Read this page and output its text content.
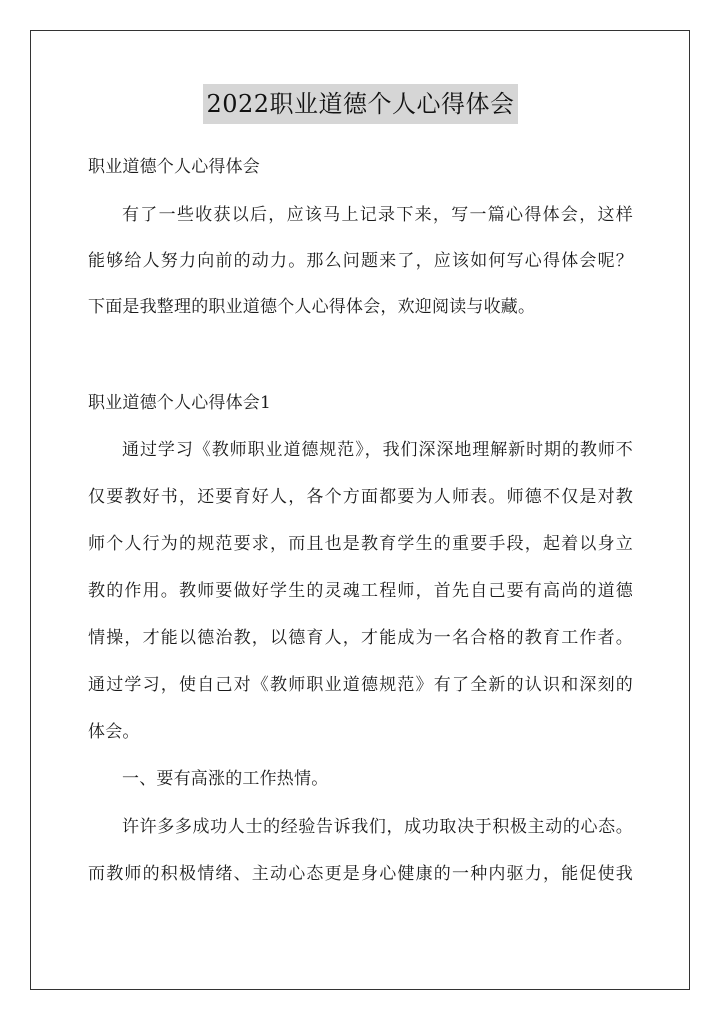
2022职业道德个人心得体会
职业道德个人心得体会
有了一些收获以后，应该马上记录下来，写一篇心得体会，这样
能够给人努力向前的动力。那么问题来了，应该如何写心得体会呢？
下面是我整理的职业道德个人心得体会，欢迎阅读与收藏。
职业道德个人心得体会1
通过学习《教师职业道德规范》，我们深深地理解新时期的教师不
仅要教好书，还要育好人，各个方面都要为人师表。师德不仅是对教
师个人行为的规范要求，而且也是教育学生的重要手段，起着以身立
教的作用。教师要做好学生的灵魂工程师，首先自己要有高尚的道德
情操，才能以德治教，以德育人，才能成为一名合格的教育工作者。
通过学习，使自己对《教师职业道德规范》有了全新的认识和深刻的
体会。
一、要有高涨的工作热情。
许许多多成功人士的经验告诉我们，成功取决于积极主动的心态。
而教师的积极情绪、主动心态更是身心健康的一种内驱力，能促使我
